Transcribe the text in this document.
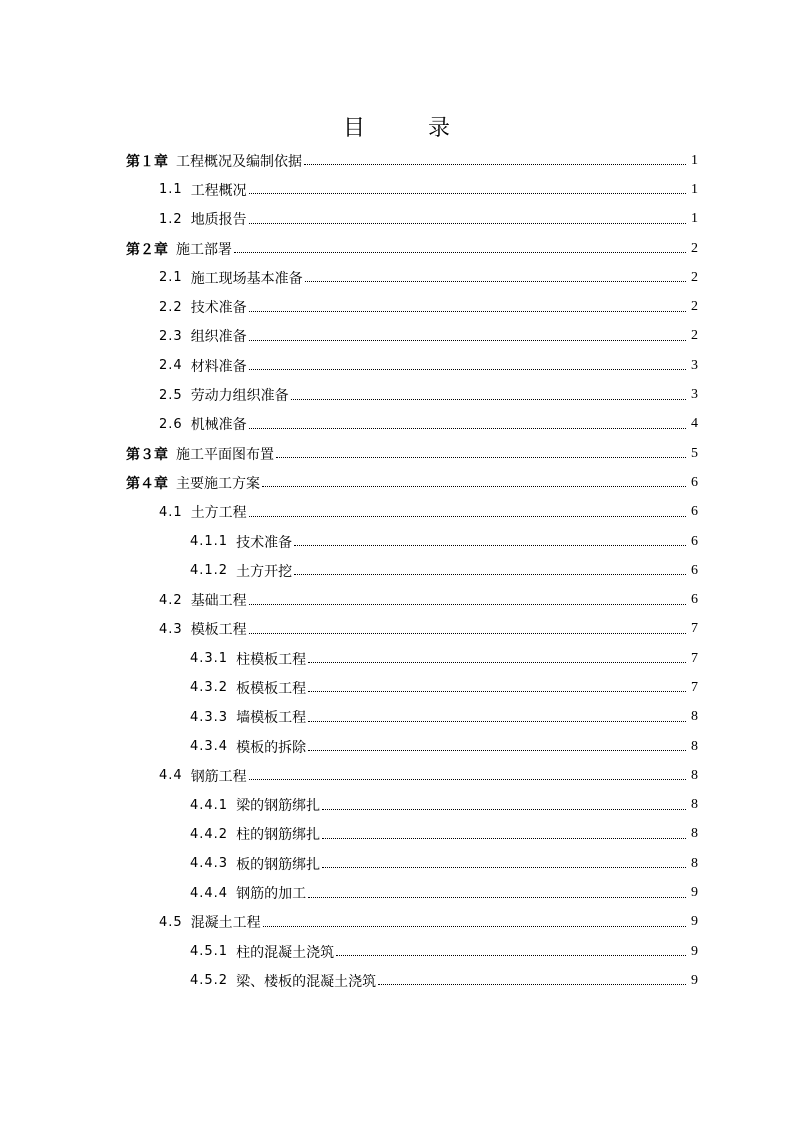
目 录
第１章 工程概况及编制依据	1
1.1 工程概况	1
1.2 地质报告	1
第２章 施工部署	2
2.1 施工现场基本准备	2
2.2 技术准备	2
2.3 组织准备	2
2.4 材料准备	3
2.5 劳动力组织准备	3
2.6 机械准备	4
第３章 施工平面图布置	5
第４章 主要施工方案	6
4.1 土方工程	6
4.1.1 技术准备	6
4.1.2 土方开挖	6
4.2 基础工程	6
4.3 模板工程	7
4.3.1 柱模板工程	7
4.3.2 板模板工程	7
4.3.3 墙模板工程	8
4.3.4 模板的拆除	8
4.4 钢筋工程	8
4.4.1 梁的钢筋绑扎	8
4.4.2 柱的钢筋绑扎	8
4.4.3 板的钢筋绑扎	8
4.4.4 钢筋的加工	9
4.5 混凝土工程	9
4.5.1 柱的混凝土浇筑	9
4.5.2 梁、楼板的混凝土浇筑	9
